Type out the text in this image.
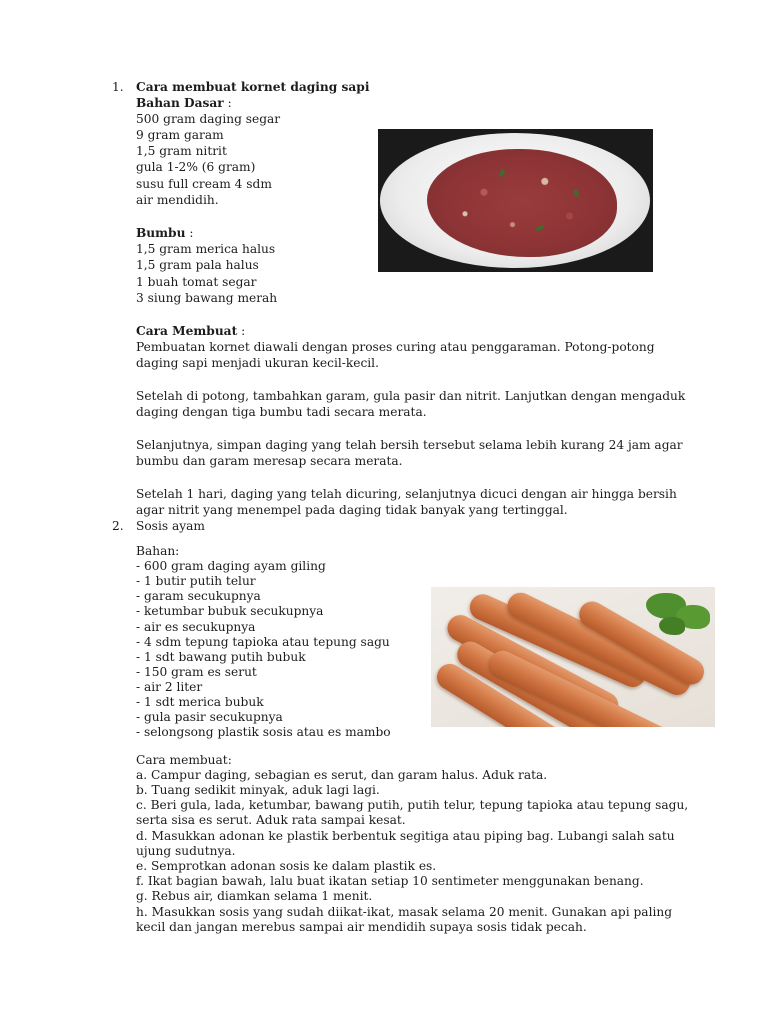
1. Cara membuat kornet daging sapi
Bahan Dasar :
500 gram daging segar
9 gram garam
1,5 gram nitrit
gula 1-2% (6 gram)
susu full cream 4 sdm
air mendidih.
Bumbu :
1,5 gram merica halus
1,5 gram pala halus
1 buah tomat segar
3 siung bawang merah
Cara Membuat :
Pembuatan kornet diawali dengan proses curing atau penggaraman. Potong-potong
daging sapi menjadi ukuran kecil-kecil.
Setelah di potong, tambahkan garam, gula pasir dan nitrit. Lanjutkan dengan mengaduk
daging dengan tiga bumbu tadi secara merata.
Selanjutnya, simpan daging yang telah bersih tersebut selama lebih kurang 24 jam agar
bumbu dan garam meresap secara merata.
Setelah 1 hari, daging yang telah dicuring, selanjutnya dicuci dengan air hingga bersih
agar nitrit yang menempel pada daging tidak banyak yang tertinggal.
2. Sosis ayam
Bahan:
- 600 gram daging ayam giling
- 1 butir putih telur
- garam secukupnya
- ketumbar bubuk secukupnya
- air es secukupnya
- 4 sdm tepung tapioka atau tepung sagu
- 1 sdt bawang putih bubuk
- 150 gram es serut
- air 2 liter
- 1 sdt merica bubuk
- gula pasir secukupnya
- selongsong plastik sosis atau es mambo
Cara membuat:
a. Campur daging, sebagian es serut, dan garam halus. Aduk rata.
b. Tuang sedikit minyak, aduk lagi lagi.
c. Beri gula, lada, ketumbar, bawang putih, putih telur, tepung tapioka atau tepung sagu,
serta sisa es serut. Aduk rata sampai kesat.
d. Masukkan adonan ke plastik berbentuk segitiga atau piping bag. Lubangi salah satu
ujung sudutnya.
e. Semprotkan adonan sosis ke dalam plastik es.
f. Ikat bagian bawah, lalu buat ikatan setiap 10 sentimeter menggunakan benang.
g. Rebus air, diamkan selama 1 menit.
h. Masukkan sosis yang sudah diikat-ikat, masak selama 20 menit. Gunakan api paling
kecil dan jangan merebus sampai air mendidih supaya sosis tidak pecah.
